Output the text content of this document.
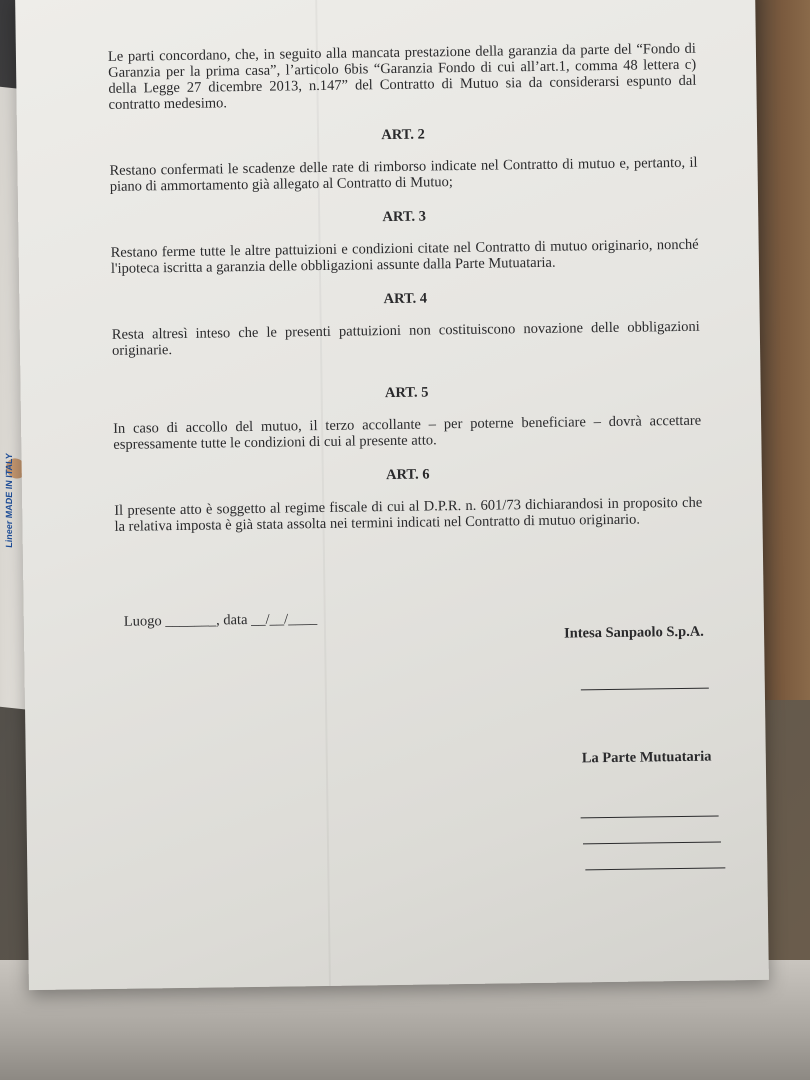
Lineer MADE IN ITALY

Le parti concordano, che, in seguito alla mancata prestazione della garanzia da parte del “Fondo di Garanzia per la prima casa”, l’articolo 6bis “Garanzia Fondo di cui all’art.1, comma 48 lettera c) della Legge 27 dicembre 2013, n.147” del Contratto di Mutuo sia da considerarsi espunto dal contratto medesimo.

ART. 2

Restano confermati le scadenze delle rate di rimborso indicate nel Contratto di mutuo e, pertanto, il piano di ammortamento già allegato al Contratto di Mutuo;

ART. 3

Restano ferme tutte le altre pattuizioni e condizioni citate nel Contratto di mutuo originario, nonché l'ipoteca iscritta a garanzia delle obbligazioni assunte dalla Parte Mutuataria.

ART. 4

Resta altresì inteso che le presenti pattuizioni non costituiscono novazione delle obbligazioni originarie.

ART. 5

In caso di accollo del mutuo, il terzo accollante – per poterne beneficiare – dovrà accettare espressamente tutte le condizioni di cui al presente atto.

ART. 6

Il presente atto è soggetto al regime fiscale di cui al D.P.R. n. 601/73 dichiarandosi in proposito che la relativa imposta è già stata assolta nei termini indicati nel Contratto di mutuo originario.

Luogo _______, data __/__/____
Intesa Sanpaolo S.p.A.
La Parte Mutuataria
